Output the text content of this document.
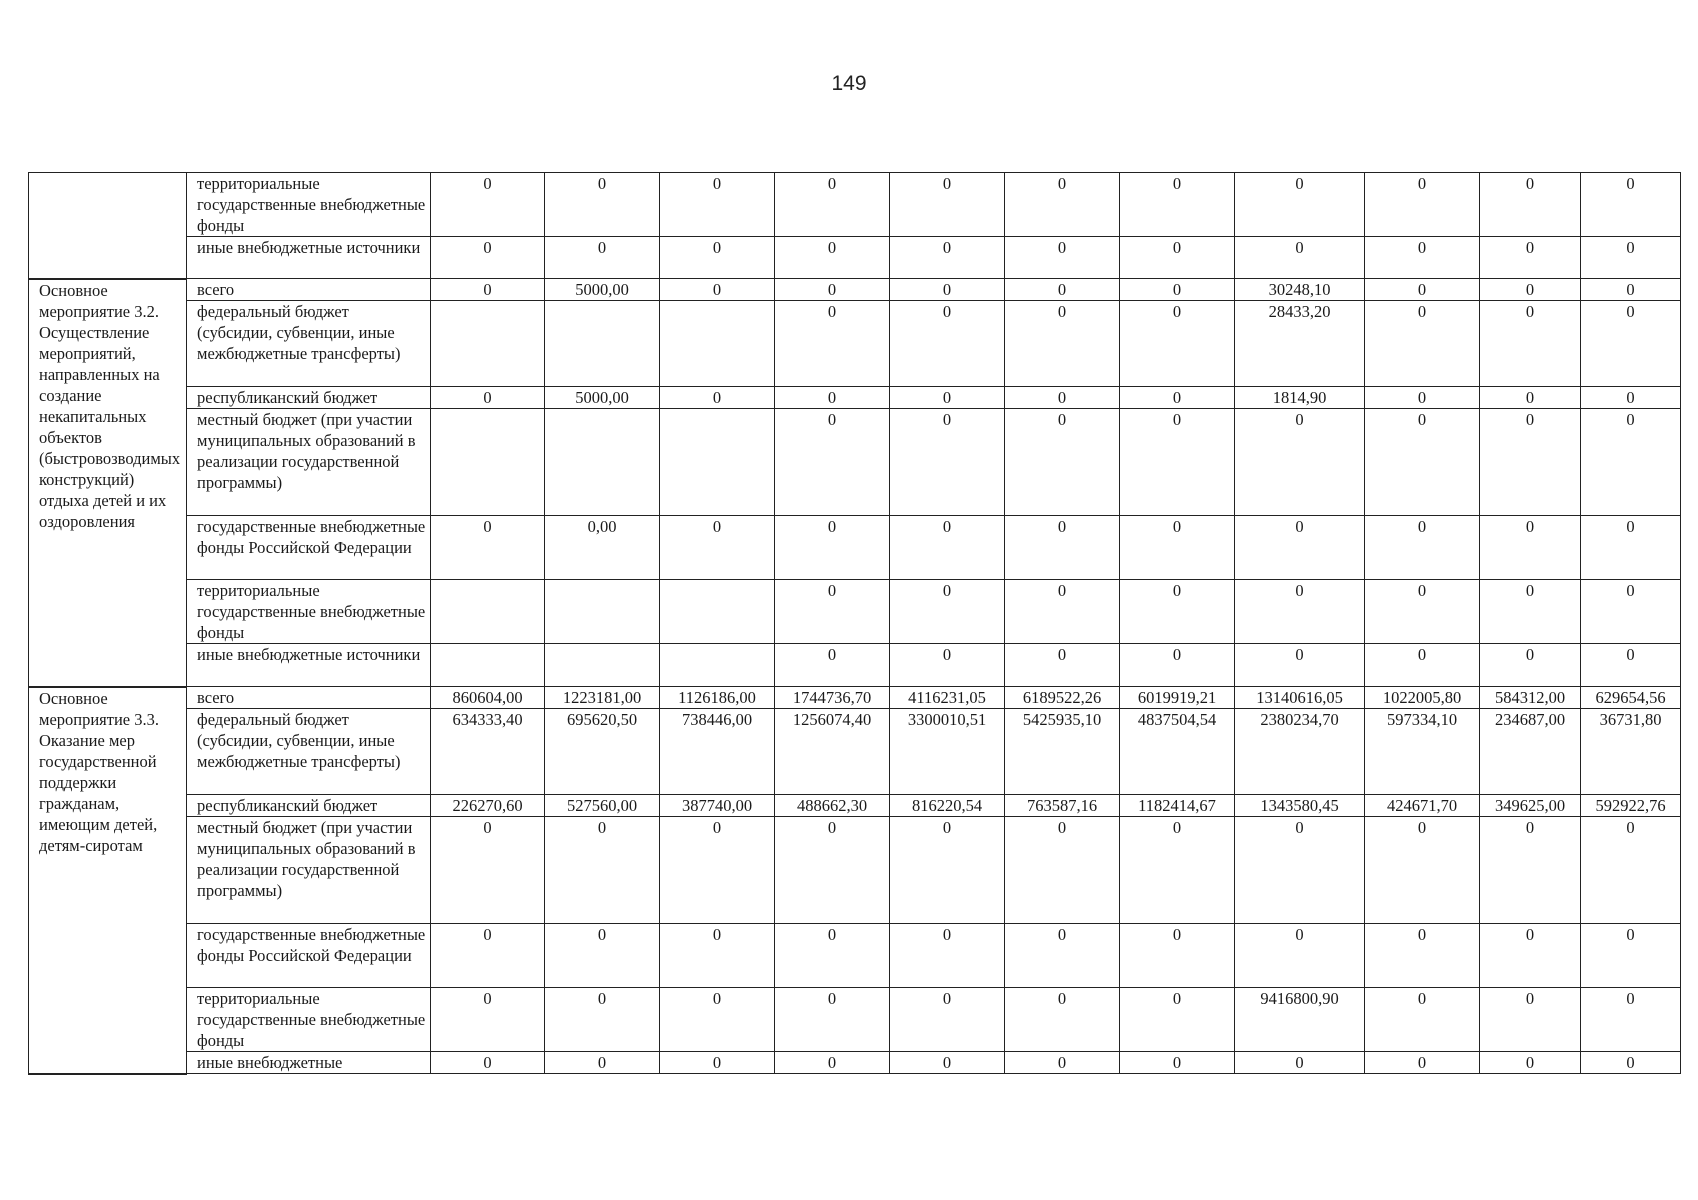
149
	территориальные государственные внебюджетные фонды	0	0	0	0	0	0	0	0	0	0	0
	иные внебюджетные источники	0	0	0	0	0	0	0	0	0	0	0
Основное мероприятие 3.2. Осуществление мероприятий, направленных на создание некапитальных объектов (быстровозводимых конструкций) отдыха детей и их оздоровления	всего	0	5000,00	0	0	0	0	0	30248,10	0	0	0
	федеральный бюджет (субсидии, субвенции, иные межбюджетные трансферты)				0	0	0	0	28433,20	0	0	0
	республиканский бюджет	0	5000,00	0	0	0	0	0	1814,90	0	0	0
	местный бюджет (при участии муниципальных образований в реализации государственной программы)				0	0	0	0	0	0	0	0
	государственные внебюджетные фонды Российской Федерации	0	0,00	0	0	0	0	0	0	0	0	0
	территориальные государственные внебюджетные фонды				0	0	0	0	0	0	0	0
	иные внебюджетные источники				0	0	0	0	0	0	0	0
Основное мероприятие 3.3. Оказание мер государственной поддержки гражданам, имеющим детей, детям-сиротам	всего	860604,00	1223181,00	1126186,00	1744736,70	4116231,05	6189522,26	6019919,21	13140616,05	1022005,80	584312,00	629654,56
	федеральный бюджет (субсидии, субвенции, иные межбюджетные трансферты)	634333,40	695620,50	738446,00	1256074,40	3300010,51	5425935,10	4837504,54	2380234,70	597334,10	234687,00	36731,80
	республиканский бюджет	226270,60	527560,00	387740,00	488662,30	816220,54	763587,16	1182414,67	1343580,45	424671,70	349625,00	592922,76
	местный бюджет (при участии муниципальных образований в реализации государственной программы)	0	0	0	0	0	0	0	0	0	0	0
	государственные внебюджетные фонды Российской Федерации	0	0	0	0	0	0	0	0	0	0	0
	территориальные государственные внебюджетные фонды	0	0	0	0	0	0	0	9416800,90	0	0	0
	иные внебюджетные	0	0	0	0	0	0	0	0	0	0	0
